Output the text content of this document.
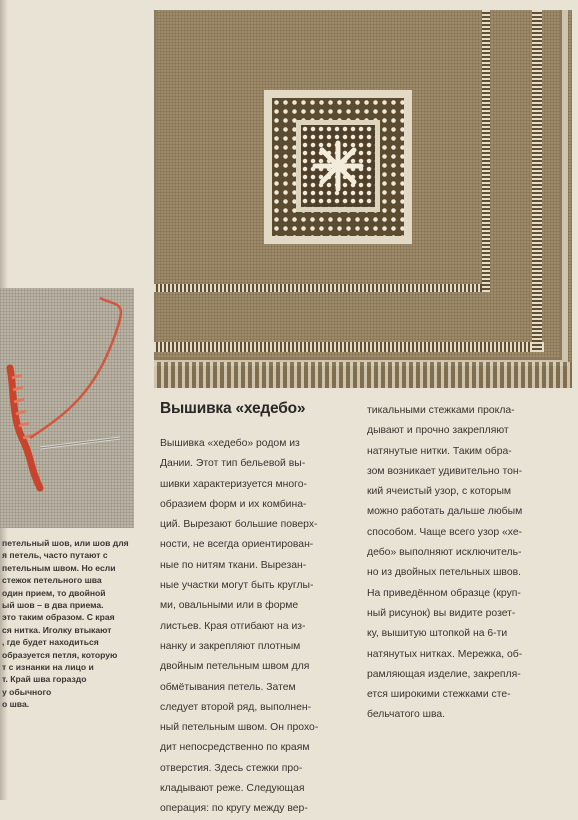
петельный шов, или шов для
я петель, часто путают с
петельным швом. Но если
стежок петельного шва
один прием, то двойной
ый шов – в два приема.
это таким образом. С края
ся нитка. Иголку втыкают
, где будет находиться
образуется петля, которую
т с изнанки на лицо и
т. Край шва гораздо
у обычного
о шва.
Вышивка «хедебо»
Вышивка «хедебо» родом из
Дании. Этот тип бельевой вы-
шивки характеризуется много-
образием форм и их комбина-
ций. Вырезают большие поверх-
ности, не всегда ориентирован-
ные по нитям ткани. Вырезан-
ные участки могут быть круглы-
ми, овальными или в форме
листьев. Края отгибают на из-
нанку и закрепляют плотным
двойным петельным швом для
обмётывания петель. Затем
следует второй ряд, выполнен-
ный петельным швом. Он прохо-
дит непосредственно по краям
отверстия. Здесь стежки про-
кладывают реже. Следующая
операция: по кругу между вер-
тикальными стежками прокла-
дывают и прочно закрепляют
натянутые нитки. Таким обра-
зом возникает удивительно тон-
кий ячеистый узор, с которым
можно работать дальше любым
способом. Чаще всего узор «хе-
дебо» выполняют исключитель-
но из двойных петельных швов.
На приведённом образце (круп-
ный рисунок) вы видите розет-
ку, вышитую штопкой на 6-ти
натянутых нитках. Мережка, об-
рамляющая изделие, закрепля-
ется широкими стежками сте-
бельчатого шва.
